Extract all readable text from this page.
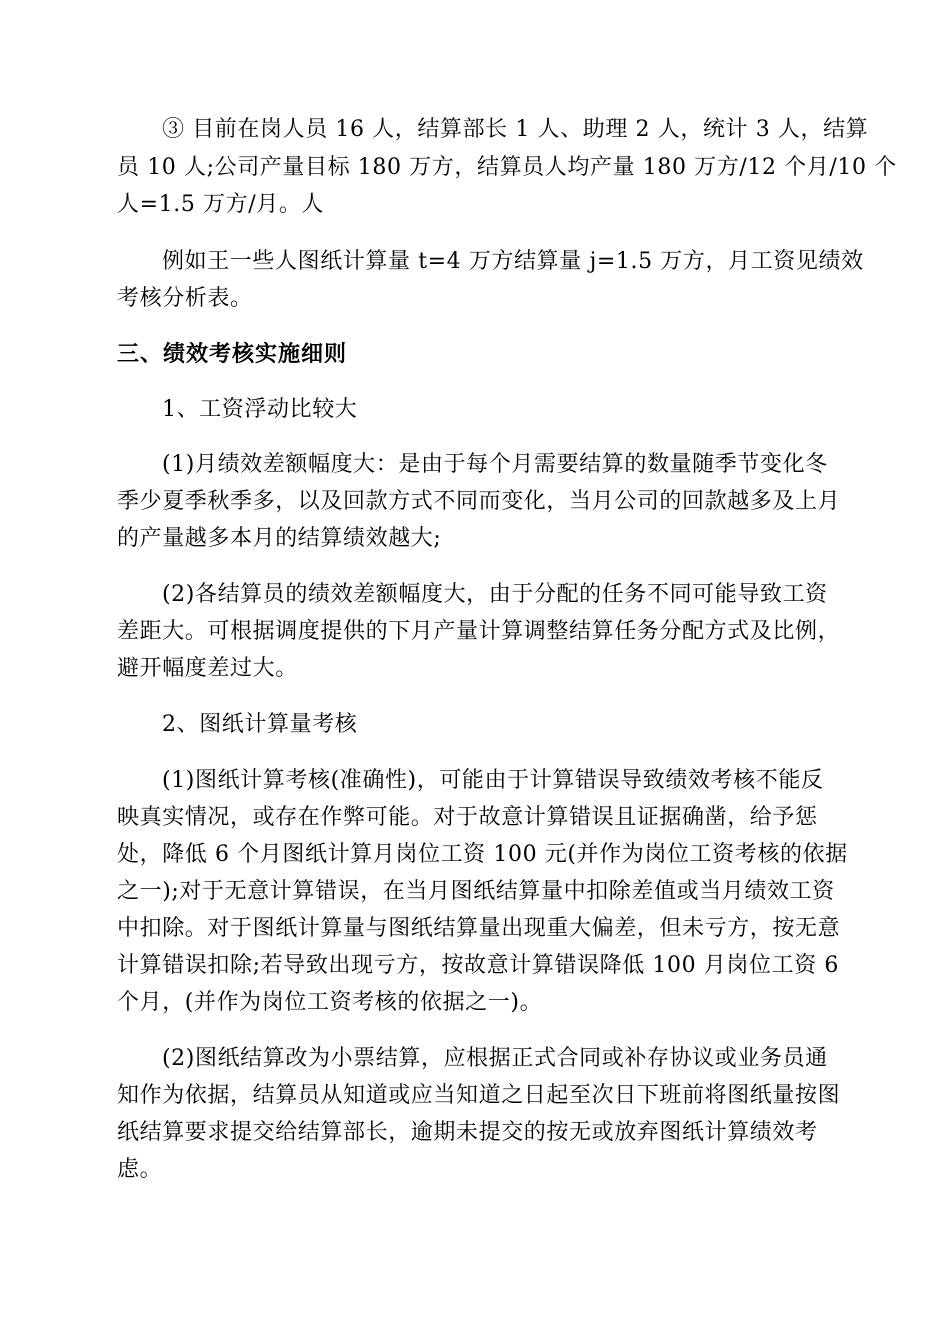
③ 目前在岗人员 16 人，结算部长 1 人、助理 2 人，统计 3 人，结算
员 10 人;公司产量目标 180 万方，结算员人均产量 180 万方/12 个月/10 个
人=1.5 万方/月。人
例如王一些人图纸计算量 t=4 万方结算量 j=1.5 万方，月工资见绩效
考核分析表。
三、绩效考核实施细则
1、工资浮动比较大
(1)月绩效差额幅度大：是由于每个月需要结算的数量随季节变化冬
季少夏季秋季多，以及回款方式不同而变化，当月公司的回款越多及上月
的产量越多本月的结算绩效越大;
(2)各结算员的绩效差额幅度大，由于分配的任务不同可能导致工资
差距大。可根据调度提供的下月产量计算调整结算任务分配方式及比例，
避开幅度差过大。
2、图纸计算量考核
(1)图纸计算考核(准确性)，可能由于计算错误导致绩效考核不能反
映真实情况，或存在作弊可能。对于故意计算错误且证据确凿，给予惩
处，降低 6 个月图纸计算月岗位工资 100 元(并作为岗位工资考核的依据
之一);对于无意计算错误，在当月图纸结算量中扣除差值或当月绩效工资
中扣除。对于图纸计算量与图纸结算量出现重大偏差，但未亏方，按无意
计算错误扣除;若导致出现亏方，按故意计算错误降低 100 月岗位工资 6
个月，(并作为岗位工资考核的依据之一)。
(2)图纸结算改为小票结算，应根据正式合同或补存协议或业务员通
知作为依据，结算员从知道或应当知道之日起至次日下班前将图纸量按图
纸结算要求提交给结算部长，逾期未提交的按无或放弃图纸计算绩效考
虑。
